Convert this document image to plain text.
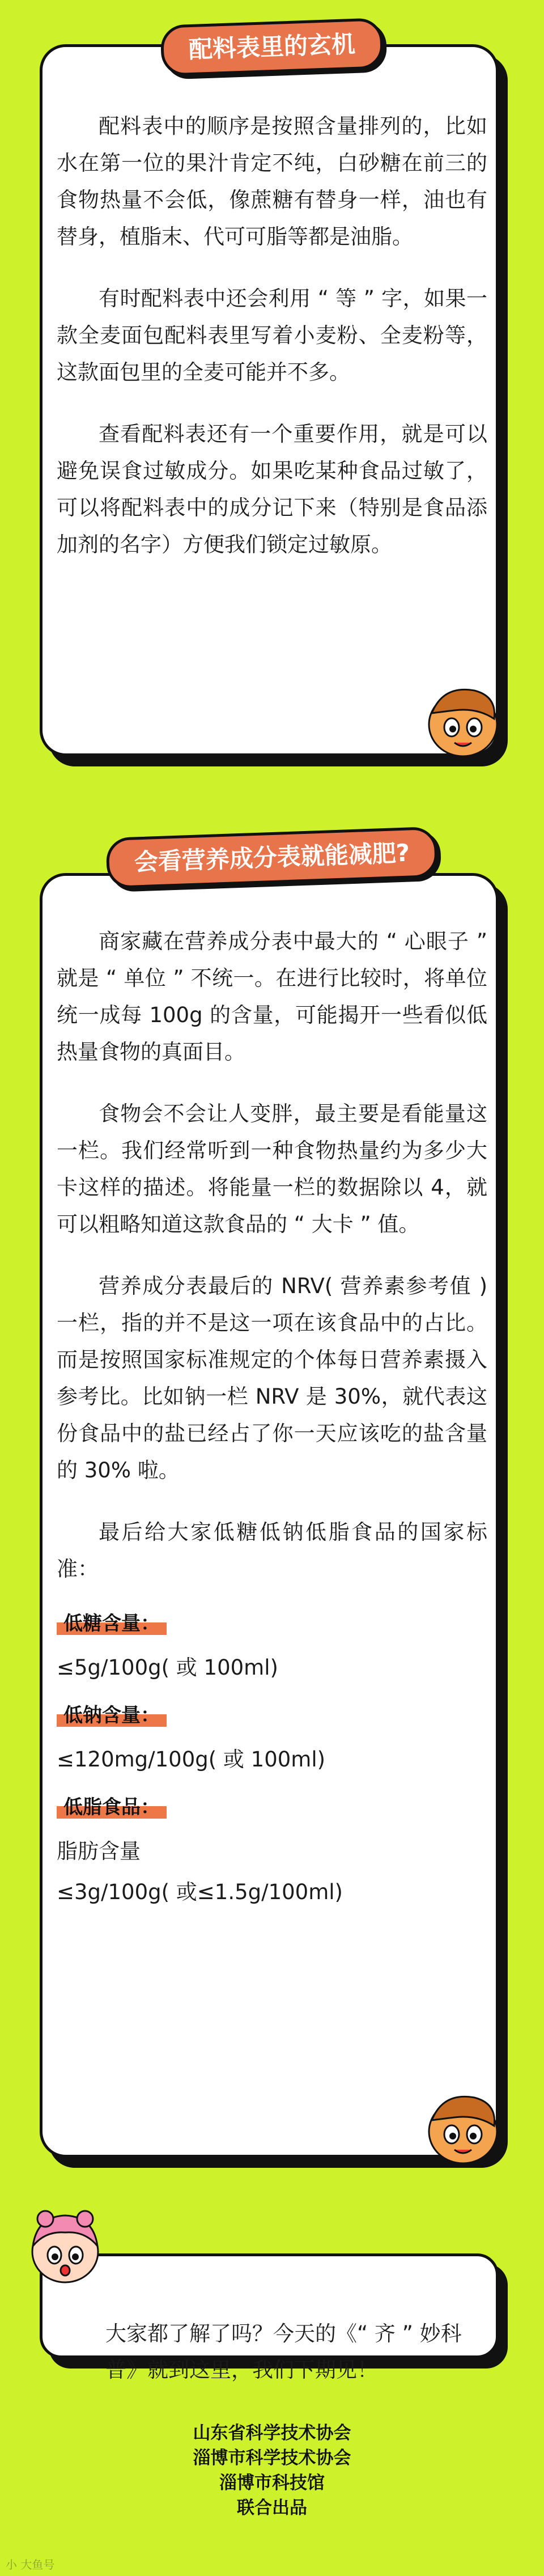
配料表里的玄机

配料表中的顺序是按照含量排列的，比如水在第一位的果汁肯定不纯，白砂糖在前三的食物热量不会低，像蔗糖有替身一样，油也有替身，植脂末、代可可脂等都是油脂。

有时配料表中还会利用 “ 等 ” 字，如果一款全麦面包配料表里写着小麦粉、全麦粉等，这款面包里的全麦可能并不多。

查看配料表还有一个重要作用，就是可以避免误食过敏成分。如果吃某种食品过敏了，可以将配料表中的成分记下来（特别是食品添加剂的名字）方便我们锁定过敏原。

会看营养成分表就能减肥?

商家藏在营养成分表中最大的 “ 心眼子 ” 就是 “ 单位 ” 不统一。在进行比较时，将单位统一成每 100g 的含量，可能揭开一些看似低热量食物的真面目。

食物会不会让人变胖，最主要是看能量这一栏。我们经常听到一种食物热量约为多少大卡这样的描述。将能量一栏的数据除以 4，就可以粗略知道这款食品的 “ 大卡 ” 值。

营养成分表最后的 NRV( 营养素参考值 ) 一栏，指的并不是这一项在该食品中的占比。而是按照国家标准规定的个体每日营养素摄入参考比。比如钠一栏 NRV 是 30%，就代表这份食品中的盐已经占了你一天应该吃的盐含量的 30% 啦。

最后给大家低糖低钠低脂食品的国家标准：

低糖含量：
≤5g/100g( 或 100ml)
低钠含量：
≤120mg/100g( 或 100ml)
低脂食品：
脂肪含量
≤3g/100g( 或≤1.5g/100ml)
大家都了解了吗？今天的《“ 齐 ” 妙科普》就到这里，我们下期见！
山东省科学技术协会
淄博市科学技术协会
淄博市科技馆
联合出品
小 大鱼号
